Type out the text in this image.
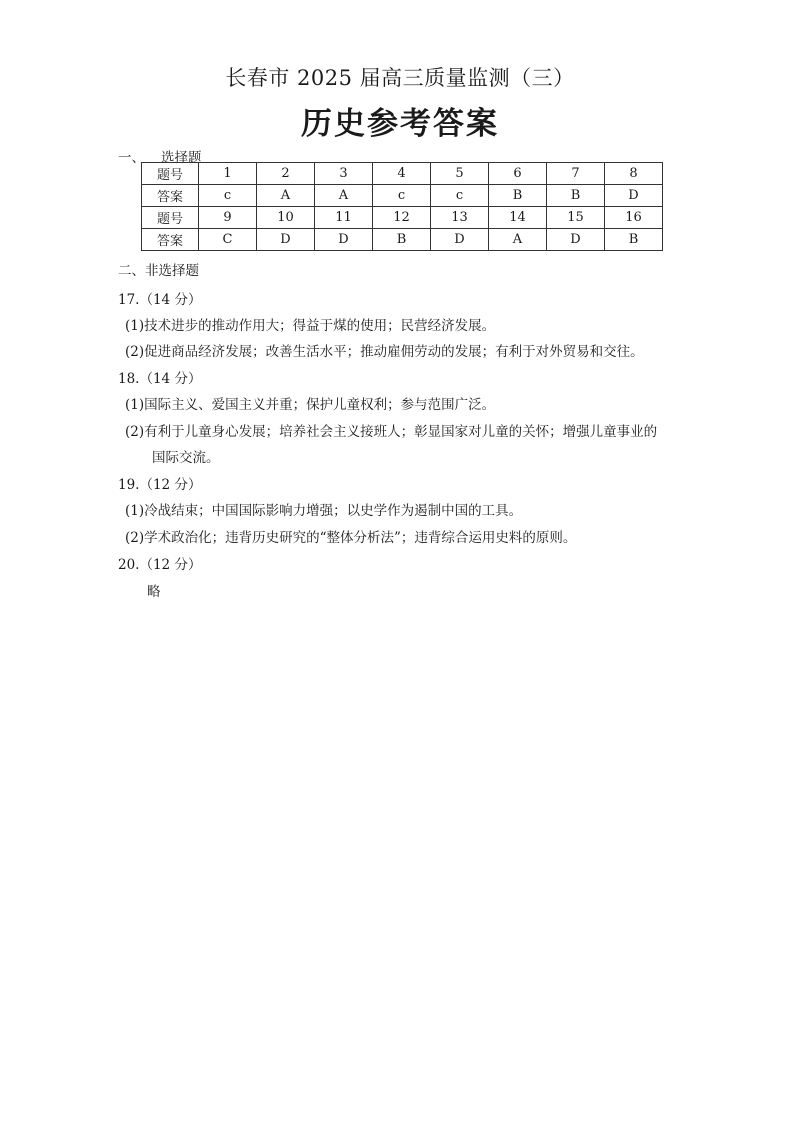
长春市 2025 届高三质量监测（三）
历史参考答案
一、 选择题
题号	1	2	3	4	5	6	7	8
答案	c	A	A	c	c	B	B	D
题号	9	10	11	12	13	14	15	16
答案	C	D	D	B	D	A	D	B
二、非选择题
17.（14 分）
(1)技术进步的推动作用大；得益于煤的使用；民营经济发展。
(2)促进商品经济发展；改善生活水平；推动雇佣劳动的发展；有利于对外贸易和交往。
18.（14 分）
(1)国际主义、爱国主义并重；保护儿童权利；参与范围广泛。
(2)有利于儿童身心发展；培养社会主义接班人；彰显国家对儿童的关怀；增强儿童事业的
国际交流。
19.（12 分）
(1)冷战结束；中国国际影响力增强；以史学作为遏制中国的工具。
(2)学术政治化；违背历史研究的“整体分析法”；违背综合运用史料的原则。
20.（12 分）
略
